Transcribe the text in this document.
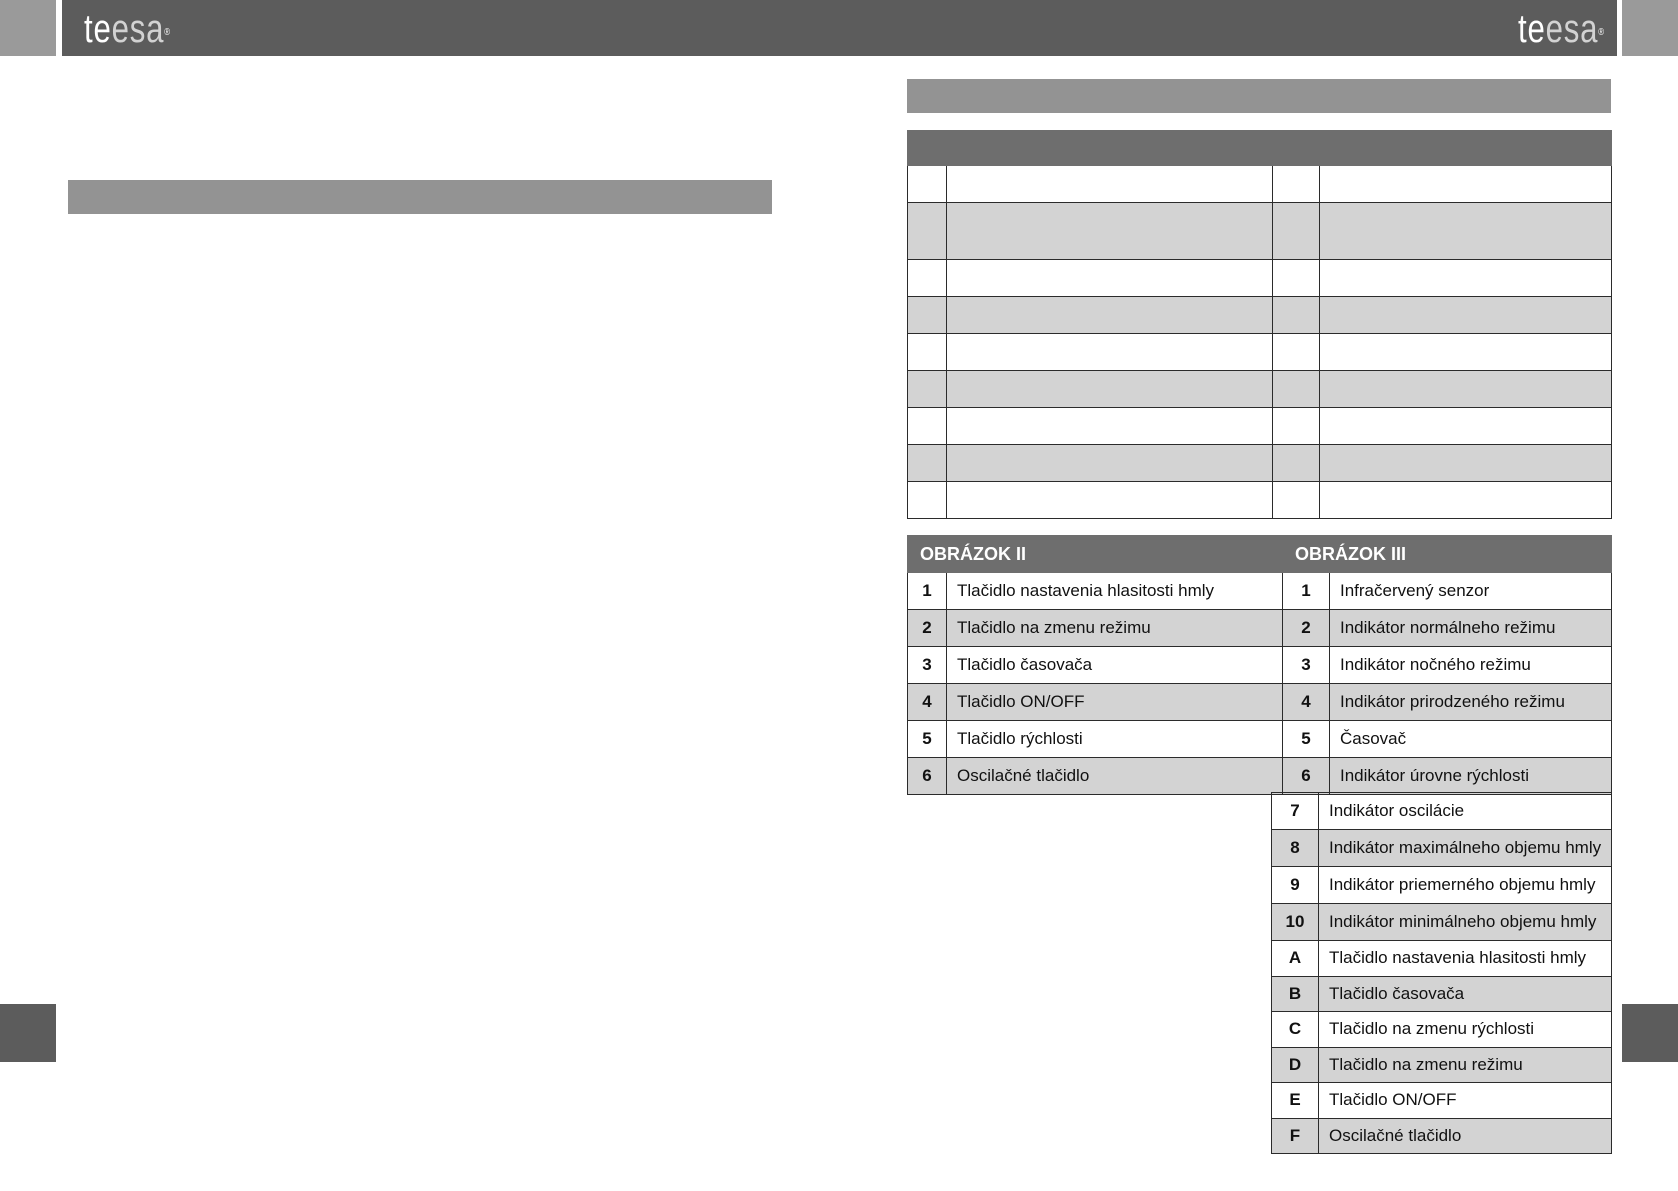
teesa®	teesa®

OBRÁZOK II		OBRÁZOK III	
1	Tlačidlo nastavenia hlasitosti hmly	1	Infračervený senzor
2	Tlačidlo na zmenu režimu	2	Indikátor normálneho režimu
3	Tlačidlo časovača	3	Indikátor nočného režimu
4	Tlačidlo ON/OFF	4	Indikátor prirodzeného režimu
5	Tlačidlo rýchlosti	5	Časovač
6	Oscilačné tlačidlo	6	Indikátor úrovne rýchlosti
7	Indikátor oscilácie
8	Indikátor maximálneho objemu hmly
9	Indikátor priemerného objemu hmly
10	Indikátor minimálneho objemu hmly
A	Tlačidlo nastavenia hlasitosti hmly
B	Tlačidlo časovača
C	Tlačidlo na zmenu rýchlosti
D	Tlačidlo na zmenu režimu
E	Tlačidlo ON/OFF
F	Oscilačné tlačidlo
